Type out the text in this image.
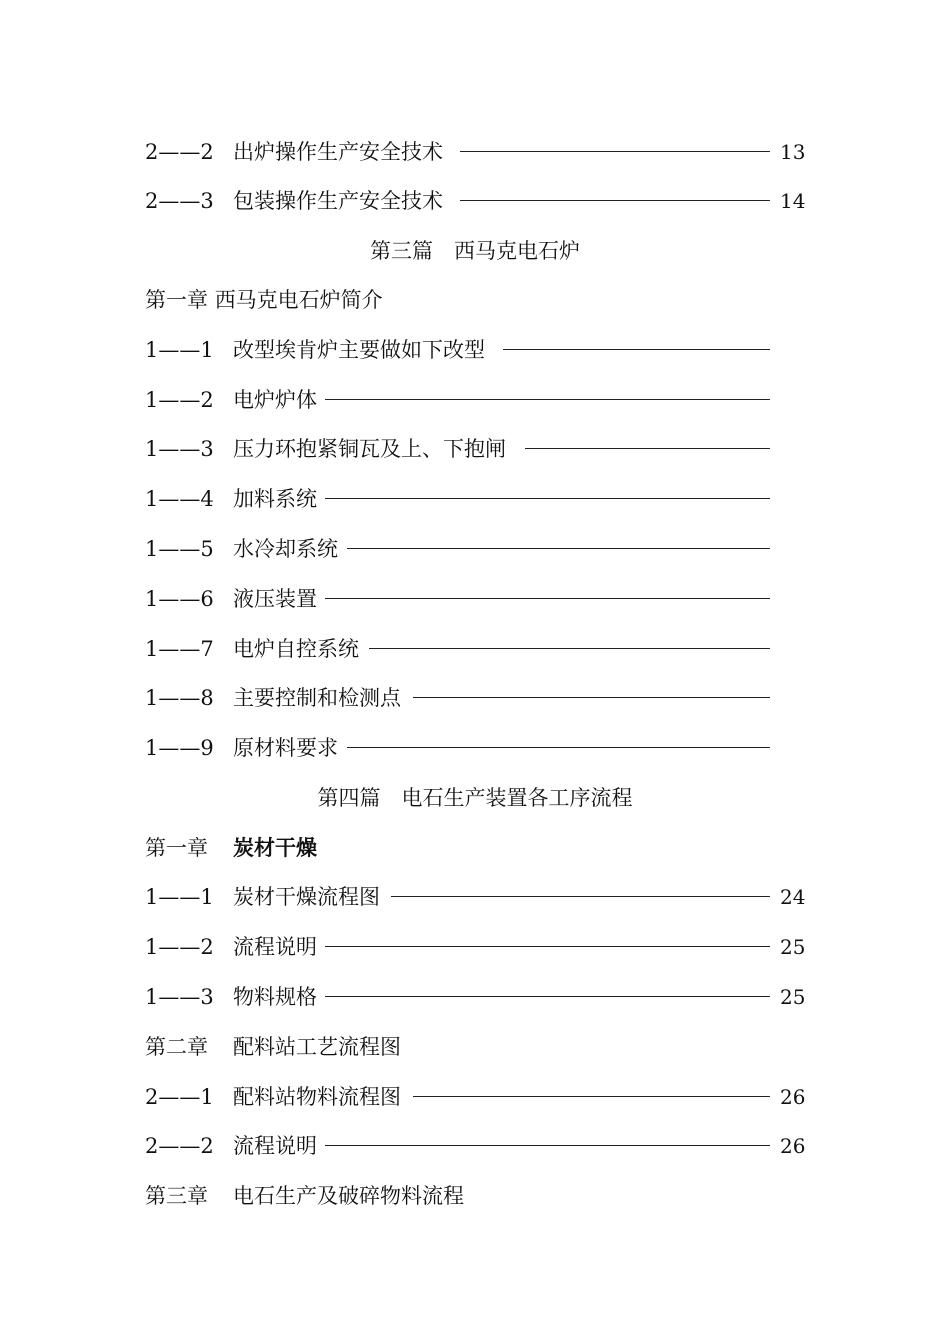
2——2 出炉操作生产安全技术	13
2——3 包装操作生产安全技术	14
第三篇　西马克电石炉
第一章 西马克电石炉简介
1——1 改型埃肯炉主要做如下改型
1——2 电炉炉体
1——3 压力环抱紧铜瓦及上、下抱闸
1——4 加料系统
1——5 水冷却系统
1——6 液压装置
1——7 电炉自控系统
1——8 主要控制和检测点
1——9 原材料要求
第四篇　电石生产装置各工序流程
第一章 炭材干燥
1——1 炭材干燥流程图	24
1——2 流程说明	25
1——3 物料规格	25
第二章 配料站工艺流程图
2——1 配料站物料流程图	26
2——2 流程说明	26
第三章 电石生产及破碎物料流程
